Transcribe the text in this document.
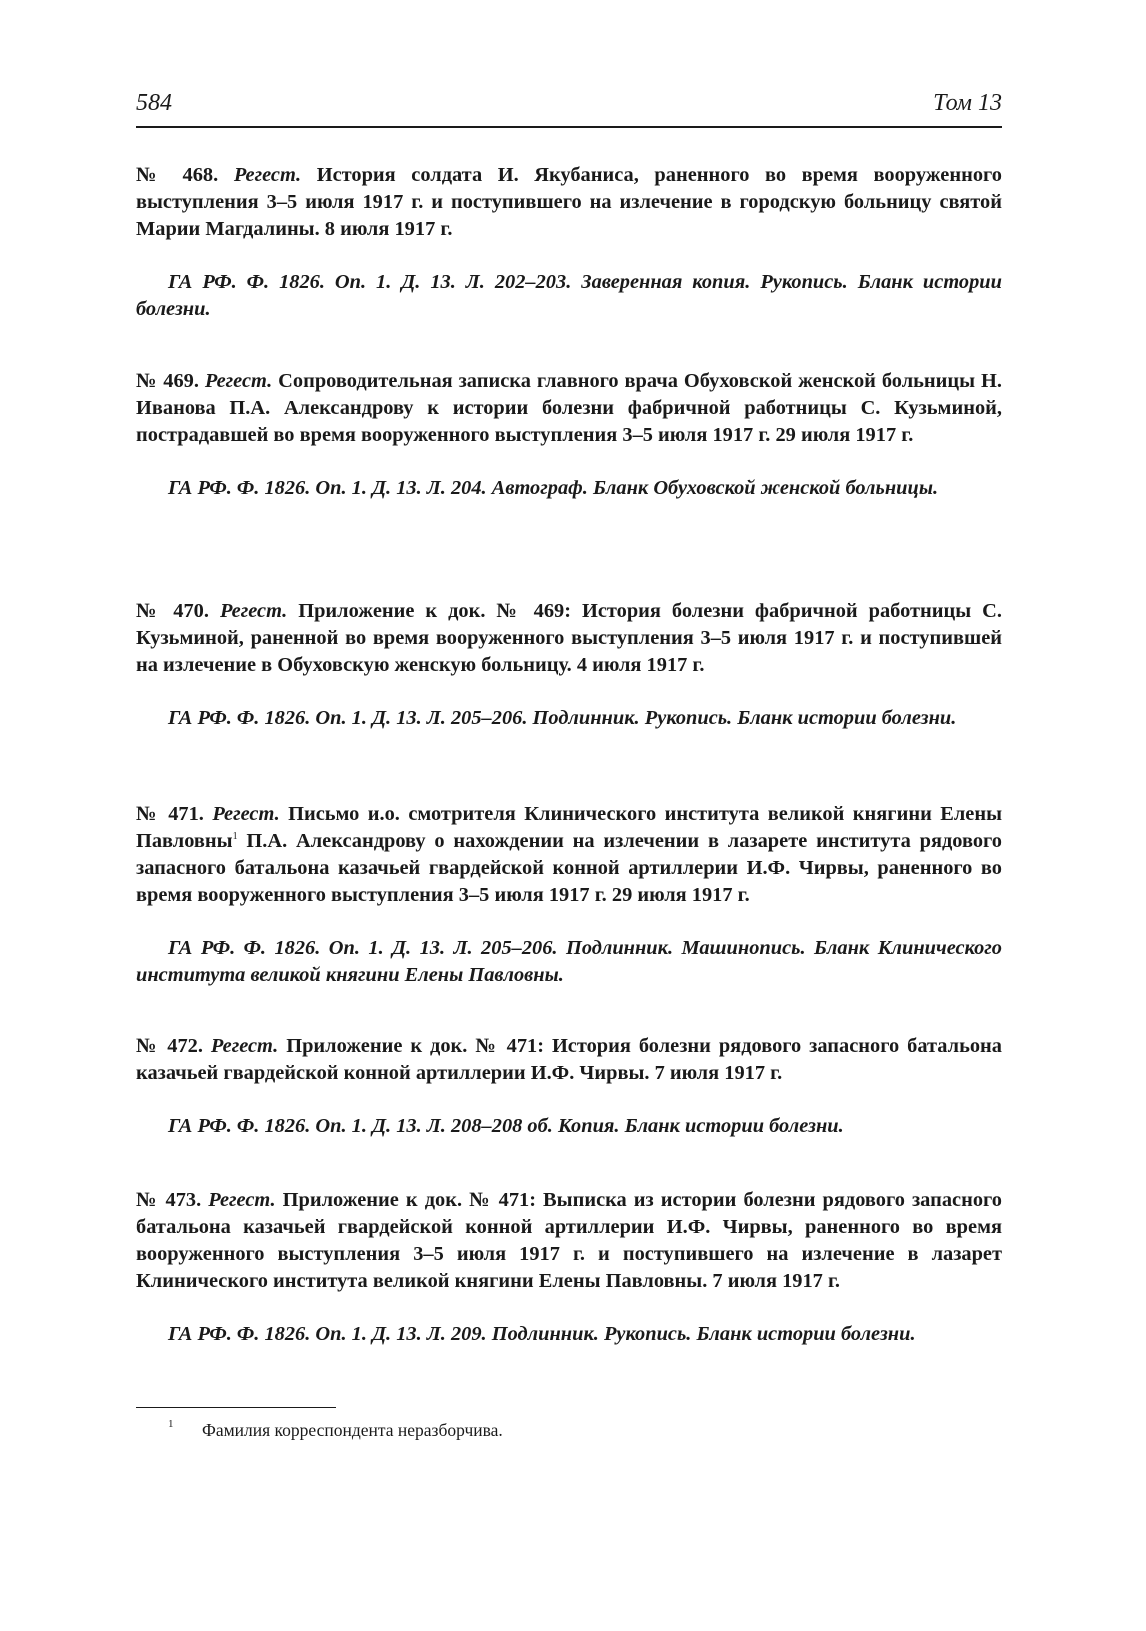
584	Том 13

№ 468. Регест. История солдата И. Якубаниса, раненного во время вооруженного выступления 3–5 июля 1917 г. и поступившего на излечение в городскую больницу святой Марии Магдалины. 8 июля 1917 г.

ГА РФ. Ф. 1826. Оп. 1. Д. 13. Л. 202–203. Заверенная копия. Рукопись. Бланк истории болезни.

№ 469. Регест. Сопроводительная записка главного врача Обуховской женской больницы Н. Иванова П.А. Александрову к истории болезни фабричной работницы С. Кузьминой, пострадавшей во время вооруженного выступления 3–5 июля 1917 г. 29 июля 1917 г.

ГА РФ. Ф. 1826. Оп. 1. Д. 13. Л. 204. Автограф. Бланк Обуховской женской больницы.

№ 470. Регест. Приложение к док. № 469: История болезни фабричной работницы С. Кузьминой, раненной во время вооруженного выступления 3–5 июля 1917 г. и поступившей на излечение в Обуховскую женскую больницу. 4 июля 1917 г.

ГА РФ. Ф. 1826. Оп. 1. Д. 13. Л. 205–206. Подлинник. Рукопись. Бланк истории болезни.

№ 471. Регест. Письмо и.о. смотрителя Клинического института великой княгини Елены Павловны$^1$ П.А. Александрову о нахождении на излечении в лазарете института рядового запасного батальона казачьей гвардейской конной артиллерии И.Ф. Чирвы, раненного во время вооруженного выступления 3–5 июля 1917 г. 29 июля 1917 г.

ГА РФ. Ф. 1826. Оп. 1. Д. 13. Л. 205–206. Подлинник. Машинопись. Бланк Клинического института великой княгини Елены Павловны.

№ 472. Регест. Приложение к док. № 471: История болезни рядового запасного батальона казачьей гвардейской конной артиллерии И.Ф. Чирвы. 7 июля 1917 г.

ГА РФ. Ф. 1826. Оп. 1. Д. 13. Л. 208–208 об. Копия. Бланк истории болезни.

№ 473. Регест. Приложение к док. № 471: Выписка из истории болезни рядового запасного батальона казачьей гвардейской конной артиллерии И.Ф. Чирвы, раненного во время вооруженного выступления 3–5 июля 1917 г. и поступившего на излечение в лазарет Клинического института великой княгини Елены Павловны. 7 июля 1917 г.

ГА РФ. Ф. 1826. Оп. 1. Д. 13. Л. 209. Подлинник. Рукопись. Бланк истории болезни.

1 Фамилия корреспондента неразборчива.
